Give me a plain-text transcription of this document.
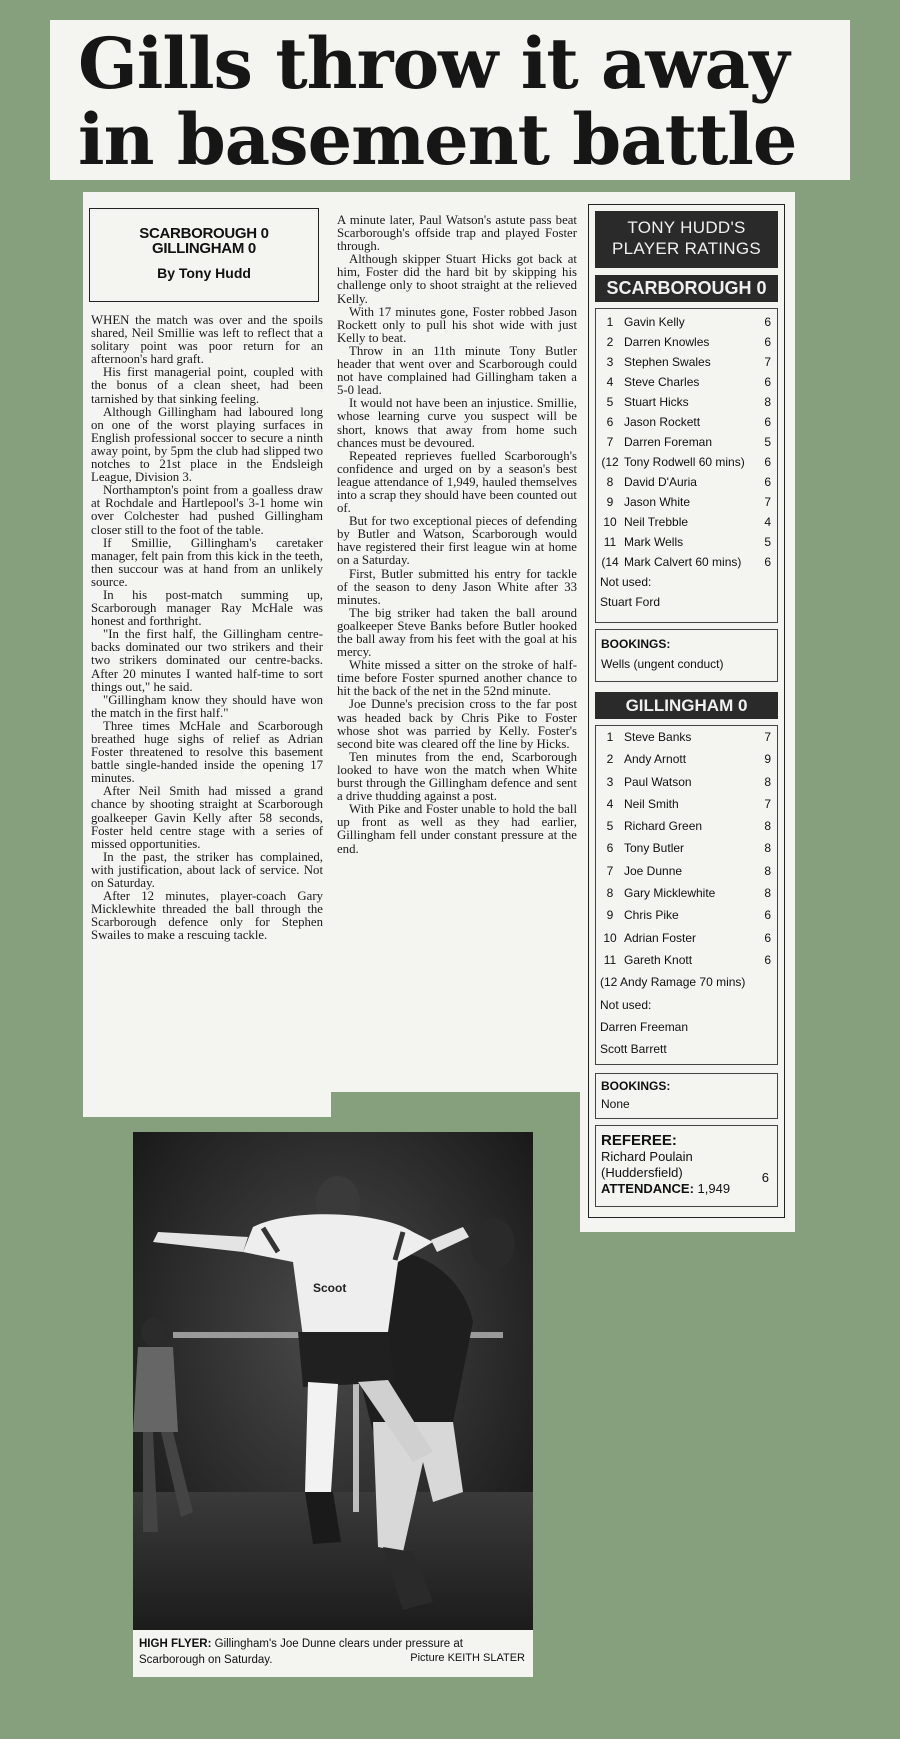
Gills throw it away
in basement battle
SCARBOROUGH 0
GILLINGHAM 0
By Tony Hudd

WHEN the match was over and the spoils shared, Neil Smillie was left to reflect that a solitary point was poor return for an afternoon's hard graft.

His first managerial point, coupled with the bonus of a clean sheet, had been tarnished by that sinking feeling.

Although Gillingham had laboured long on one of the worst playing surfaces in English professional soccer to secure a ninth away point, by 5pm the club had slipped two notches to 21st place in the Endsleigh League, Division 3.

Northampton's point from a goalless draw at Rochdale and Hartlepool's 3-1 home win over Colchester had pushed Gillingham closer still to the foot of the table.

If Smillie, Gillingham's caretaker manager, felt pain from this kick in the teeth, then succour was at hand from an unlikely source.

In his post-match summing up, Scarborough manager Ray McHale was honest and forthright.

"In the first half, the Gillingham centre-backs dominated our two strikers and their two strikers dominated our centre-backs. After 20 minutes I wanted half-time to sort things out," he said.

"Gillingham know they should have won the match in the first half."

Three times McHale and Scarborough breathed huge sighs of relief as Adrian Foster threatened to resolve this basement battle single-handed inside the opening 17 minutes.

After Neil Smith had missed a grand chance by shooting straight at Scarborough goalkeeper Gavin Kelly after 58 seconds, Foster held centre stage with a series of missed opportunities.

In the past, the striker has complained, with justification, about lack of service. Not on Saturday.

After 12 minutes, player-coach Gary Micklewhite threaded the ball through the Scarborough defence only for Stephen Swailes to make a rescuing tackle.

A minute later, Paul Watson's astute pass beat Scarborough's offside trap and played Foster through.

Although skipper Stuart Hicks got back at him, Foster did the hard bit by skipping his challenge only to shoot straight at the relieved Kelly.

With 17 minutes gone, Foster robbed Jason Rockett only to pull his shot wide with just Kelly to beat.

Throw in an 11th minute Tony Butler header that went over and Scarborough could not have complained had Gillingham taken a 5-0 lead.

It would not have been an injustice. Smillie, whose learning curve you suspect will be short, knows that away from home such chances must be devoured.

Repeated reprieves fuelled Scarborough's confidence and urged on by a season's best league attendance of 1,949, hauled themselves into a scrap they should have been counted out of.

But for two exceptional pieces of defending by Butler and Watson, Scarborough would have registered their first league win at home on a Saturday.

First, Butler submitted his entry for tackle of the season to deny Jason White after 33 minutes.

The big striker had taken the ball around goalkeeper Steve Banks before Butler hooked the ball away from his feet with the goal at his mercy.

White missed a sitter on the stroke of half-time before Foster spurned another chance to hit the back of the net in the 52nd minute.

Joe Dunne's precision cross to the far post was headed back by Chris Pike to Foster whose shot was parried by Kelly. Foster's second bite was cleared off the line by Hicks.

Ten minutes from the end, Scarborough looked to have won the match when White burst through the Gillingham defence and sent a drive thudding against a post.

With Pike and Foster unable to hold the ball up front as well as they had earlier, Gillingham fell under constant pressure at the end.

TONY HUDD'S
PLAYER RATINGS
SCARBOROUGH 0
1 Gavin Kelly	6
2 Darren Knowles	6
3 Stephen Swales	7
4 Steve Charles	6
5 Stuart Hicks	8
6 Jason Rockett	6
7 Darren Foreman	5
(12 Tony Rodwell 60 mins) 6
8 David D'Auria	6
9 Jason White	7
10 Neil Trebble	4
11 Mark Wells	5
(14 Mark Calvert 60 mins) 6
Not used:
Stuart Ford
BOOKINGS:
Wells (ungent conduct)
GILLINGHAM 0
1 Steve Banks	7
2 Andy Arnott	9
3 Paul Watson	8
4 Neil Smith	7
5 Richard Green	8
6 Tony Butler	8
7 Joe Dunne	8
8 Gary Micklewhite	8
9 Chris Pike	6
10 Adrian Foster	6
11 Gareth Knott	6
(12 Andy Ramage 70 mins)
Not used:
Darren Freeman
Scott Barrett
BOOKINGS:
None
REFEREE:
Richard Poulain
(Huddersfield)	6
ATTENDANCE: 1,949
Scoot
HIGH FLYER: Gillingham's Joe Dunne clears under pressure at Scarborough on Saturday.	Picture KEITH SLATER
